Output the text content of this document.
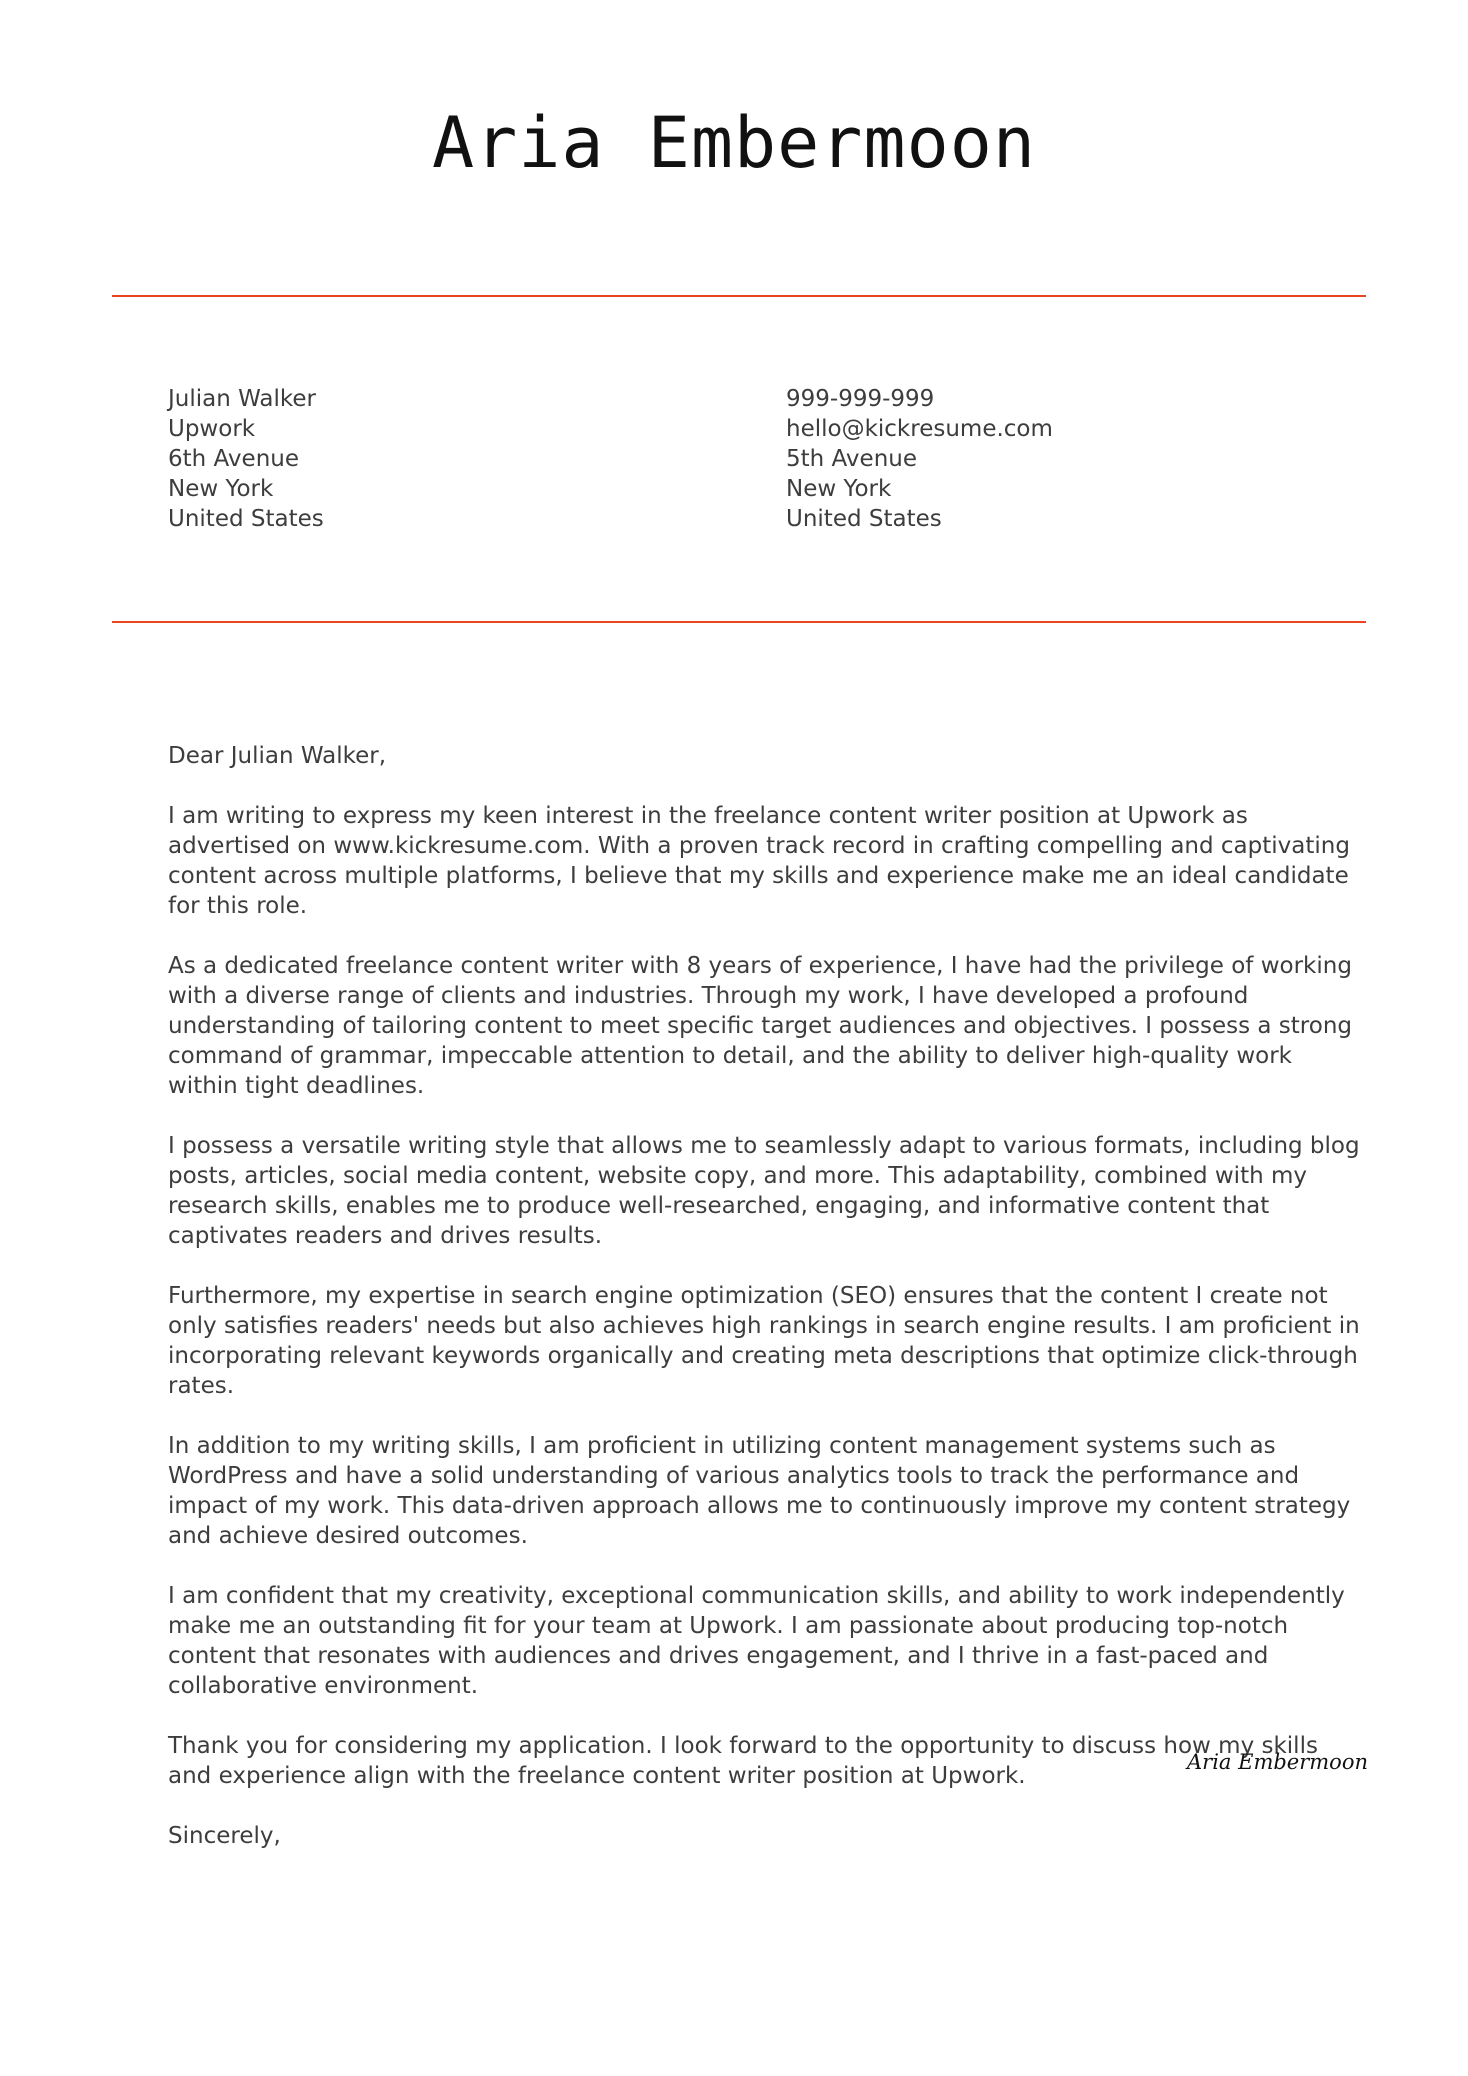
Aria Embermoon
Julian Walker
Upwork
6th Avenue
New York
United States
999-999-999
hello@kickresume.com
5th Avenue
New York
United States

Dear Julian Walker,

I am writing to express my keen interest in the freelance content writer position at Upwork as advertised on www.kickresume.com. With a proven track record in crafting compelling and captivating content across multiple platforms, I believe that my skills and experience make me an ideal candidate for this role.

As a dedicated freelance content writer with 8 years of experience, I have had the privilege of working with a diverse range of clients and industries. Through my work, I have developed a profound understanding of tailoring content to meet specific target audiences and objectives. I possess a strong command of grammar, impeccable attention to detail, and the ability to deliver high-quality work within tight deadlines.

I possess a versatile writing style that allows me to seamlessly adapt to various formats, including blog posts, articles, social media content, website copy, and more. This adaptability, combined with my research skills, enables me to produce well-researched, engaging, and informative content that captivates readers and drives results.

Furthermore, my expertise in search engine optimization (SEO) ensures that the content I create not only satisfies readers' needs but also achieves high rankings in search engine results. I am proficient in incorporating relevant keywords organically and creating meta descriptions that optimize click-through rates.

In addition to my writing skills, I am proficient in utilizing content management systems such as WordPress and have a solid understanding of various analytics tools to track the performance and impact of my work. This data-driven approach allows me to continuously improve my content strategy and achieve desired outcomes.

I am confident that my creativity, exceptional communication skills, and ability to work independently make me an outstanding fit for your team at Upwork. I am passionate about producing top-notch content that resonates with audiences and drives engagement, and I thrive in a fast-paced and collaborative environment.

Thank you for considering my application. I look forward to the opportunity to discuss how my skills and experience align with the freelance content writer position at Upwork.

Sincerely,

Aria Embermoon
